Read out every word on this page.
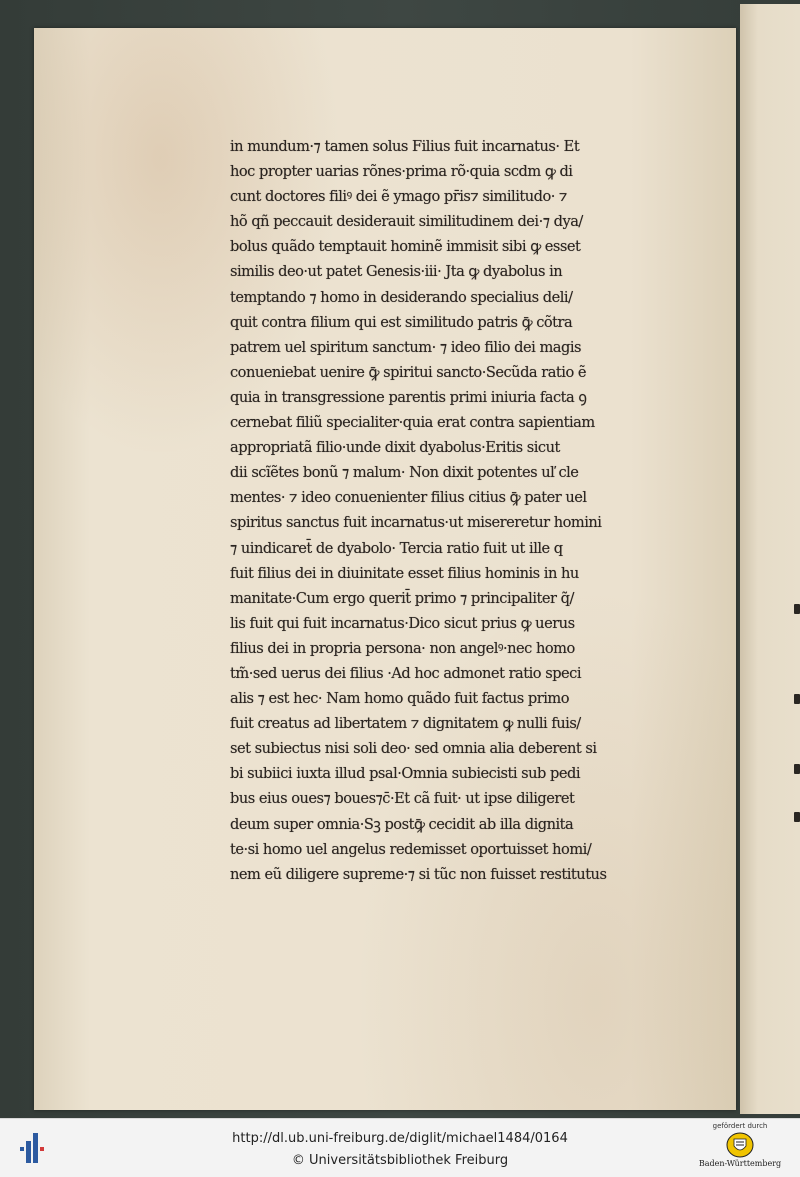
in mundum·⁊ tamen solus Filius fuit incarnatus· Et
hoc propter uarias rõnes·prima rõ·quia scdm ꝙ di
cunt doctores filiꝰ dei ẽ ymago pr̄is⁊ similitudo· ⁊
hõ qñ peccauit desiderauit similitudinem dei·⁊ dya/
bolus quãdo temptauit hominẽ immisit sibi ꝙ esset
similis deo·ut patet Genesis·iii· Jta ꝙ dyabolus in
temptando ⁊ homo in desiderando specialius deli/
quit contra filium qui est similitudo patris ꝙ̄ cõtra
patrem uel spiritum sanctum· ⁊ ideo filio dei magis
conueniebat uenire ꝙ̄ spiritui sancto·Secũda ratio ẽ
quia in transgressione parentis primi iniuria facta ꝯ
cernebat filiũ specialiter·quia erat contra sapientiam
appropriatã filio·unde dixit dyabolus·Eritis sicut
dii scĩẽtes bonũ ⁊ malum· Non dixit potentes uľ cle
mentes· ⁊ ideo conuenienter filius citius ꝙ̄ pater uel
spiritus sanctus fuit incarnatus·ut misereretur homini
⁊ uindicaret̄ de dyabolo· Tercia ratio fuit ut ille q
fuit filius dei in diuinitate esset filius hominis in hu
manitate·Cum ergo querit̄ primo ⁊ principaliter q̃/
lis fuit qui fuit incarnatus·Dico sicut prius ꝙ uerus
filius dei in propria persona· non angelꝰ·nec homo
tm̃·sed uerus dei filius ·Ad hoc admonet ratio speci
alis ⁊ est hec· Nam homo quãdo fuit factus primo
fuit creatus ad libertatem ⁊ dignitatem ꝙ nulli fuis/
set subiectus nisi soli deo· sed omnia alia deberent si
bi subiici iuxta illud psal·Omnia subiecisti sub pedi
bus eius oues⁊ boues⁊c̄·Et cã fuit· ut ipse diligeret
deum super omnia·Sꝫ postꝙ̄ cecidit ab illa dignita
te·si homo uel angelus redemisset oportuisset homi/
nem eũ diligere supreme·⁊ si tũc non fuisset restitutus
http://dl.ub.uni-freiburg.de/diglit/michael1484/0164
© Universitätsbibliothek Freiburg
gefördert durch
Baden-Württemberg
